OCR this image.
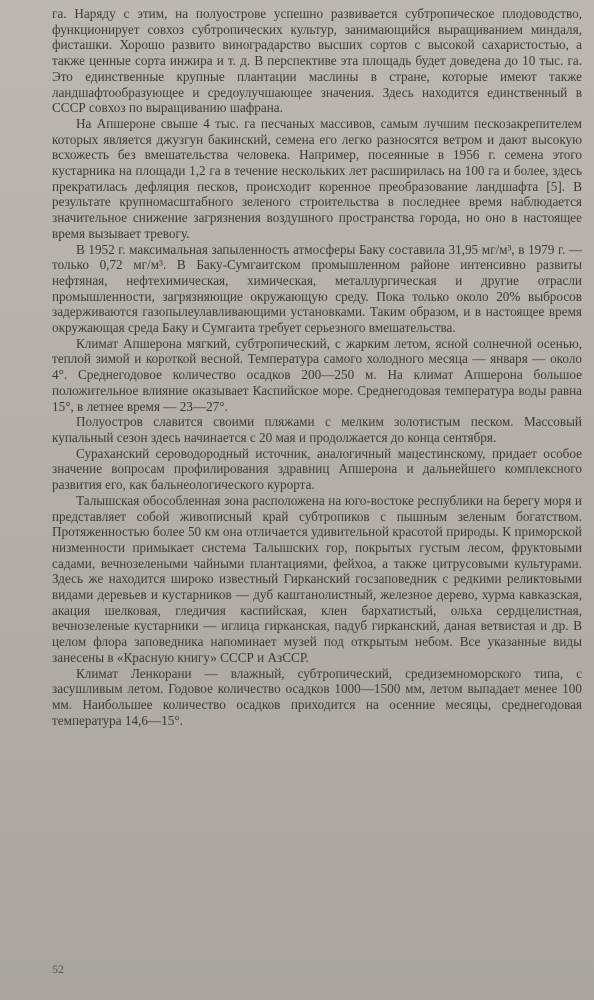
га. Наряду с этим, на полуострове успешно развивается субтропическое плодоводство, функционирует совхоз субтропических культур, занимающийся выращиванием миндаля, фисташки. Хорошо развито виноградарство высших сортов с высокой сахаристостью, а также ценные сорта инжира и т. д. В перспективе эта площадь будет доведена до 10 тыс. га. Это единственные крупные плантации маслины в стране, которые имеют также ландшафтообразующее и средоулучшающее значения. Здесь находится единственный в СССР совхоз по выращиванию шафрана.

На Апшероне свыше 4 тыс. га песчаных массивов, самым лучшим пескозакрепителем которых является джузгун бакинский, семена его легко разносятся ветром и дают высокую всхожесть без вмешательства человека. Например, посеянные в 1956 г. семена этого кустарника на площади 1,2 га в течение нескольких лет расширилась на 100 га и более, здесь прекратилась дефляция песков, происходит коренное преобразование ландшафта [5]. В результате крупномасштабного зеленого строительства в последнее время наблюдается значительное снижение загрязнения воздушного пространства города, но оно в настоящее время вызывает тревогу.

В 1952 г. максимальная запыленность атмосферы Баку составила 31,95 мг/м³, в 1979 г. — только 0,72 мг/м³. В Баку-Сумгаитском промышленном районе интенсивно развиты нефтяная, нефтехимическая, химическая, металлургическая и другие отрасли промышленности, загрязняющие окружающую среду. Пока только около 20% выбросов задерживаются газопылеулавливающими установками. Таким образом, и в настоящее время окружающая среда Баку и Сумгаита требует серьезного вмешательства.

Климат Апшерона мягкий, субтропический, с жарким летом, ясной солнечной осенью, теплой зимой и короткой весной. Температура самого холодного месяца — января — около 4°. Среднегодовое количество осадков 200—250 м. На климат Апшерона большое положительное влияние оказывает Каспийское море. Среднегодовая температура воды равна 15°, в летнее время — 23—27°.

Полуостров славится своими пляжами с мелким золотистым песком. Массовый купальный сезон здесь начинается с 20 мая и продолжается до конца сентября.

Сураханский сероводородный источник, аналогичный мацестинскому, придает особое значение вопросам профилирования здравниц Апшерона и дальнейшего комплексного развития его, как бальнеологического курорта.

Талышская обособленная зона расположена на юго-востоке республики на берегу моря и представляет собой живописный край субтропиков с пышным зеленым богатством. Протяженностью более 50 км она отличается удивительной красотой природы. К приморской низменности примыкает система Талышских гор, покрытых густым лесом, фруктовыми садами, вечнозелеными чайными плантациями, фейхоа, а также цитрусовыми культурами. Здесь же находится широко известный Гирканский госзаповедник с редкими реликтовыми видами деревьев и кустарников — дуб каштанолистный, железное дерево, хурма кавказская, акация шелковая, гледичия каспийская, клен бархатистый, ольха сердцелистная, вечнозеленые кустарники — иглица гирканская, падуб гирканский, даная ветвистая и др. В целом флора заповедника напоминает музей под открытым небом. Все указанные виды занесены в «Красную книгу» СССР и АзССР.

Климат Ленкорани — влажный, субтропический, средиземноморского типа, с засушливым летом. Годовое количество осадков 1000—1500 мм, летом выпадает менее 100 мм. Наибольшее количество осадков приходится на осенние месяцы, среднегодовая температура 14,6—15°.

52
